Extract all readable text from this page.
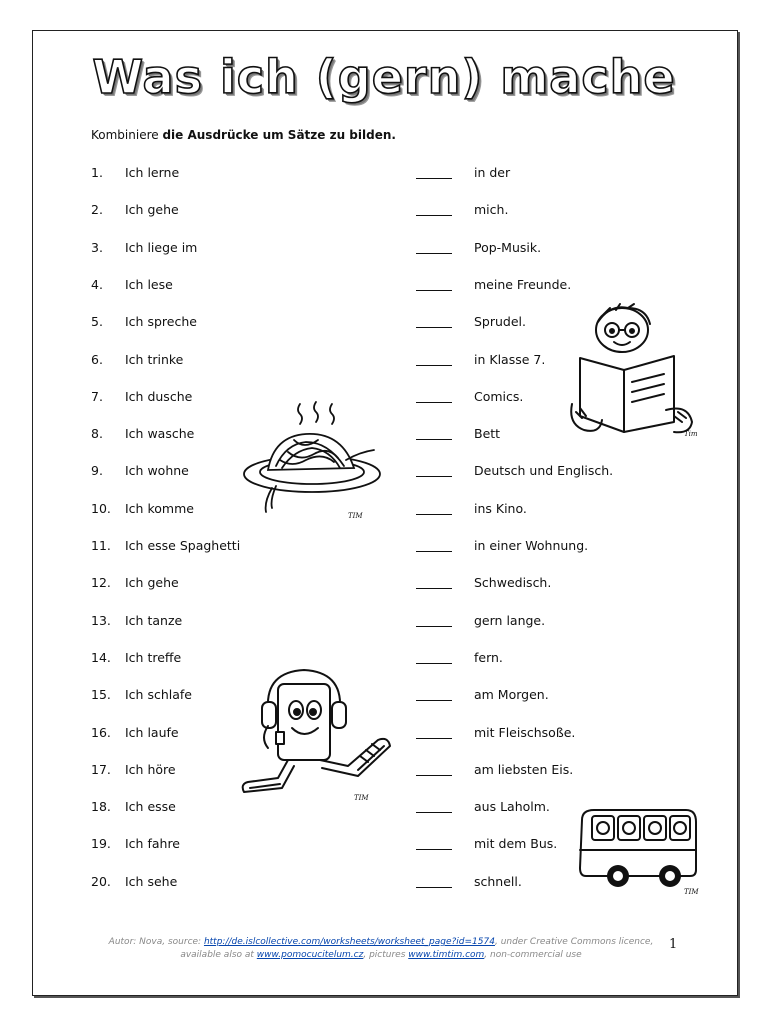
Was ich (gern) mache
Kombiniere die Ausdrücke um Sätze zu bilden.
1. Ich lerne	in der
2. Ich gehe	mich.
3. Ich liege im	Pop-Musik.
4. Ich lese	meine Freunde.
5. Ich spreche	Sprudel.
6. Ich trinke	in Klasse 7.
7. Ich dusche	Comics.
8. Ich wasche	Bett
9. Ich wohne	Deutsch und Englisch.
10. Ich komme	ins Kino.
11. Ich esse Spaghetti	in einer Wohnung.
12. Ich gehe	Schwedisch.
13. Ich tanze	gern lange.
14. Ich treffe	fern.
15. Ich schlafe	am Morgen.
16. Ich laufe	mit Fleischsoße.
17. Ich höre	am liebsten Eis.
18. Ich esse	aus Laholm.
19. Ich fahre	mit dem Bus.
20. Ich sehe	schnell.
Tim
TIM
TIM
TIM
Autor: Nova, source: http://de.islcollective.com/worksheets/worksheet_page?id=1574, under Creative Commons licence, available also at www.pomocucitelum.cz, pictures www.timtim.com, non-commercial use
1
